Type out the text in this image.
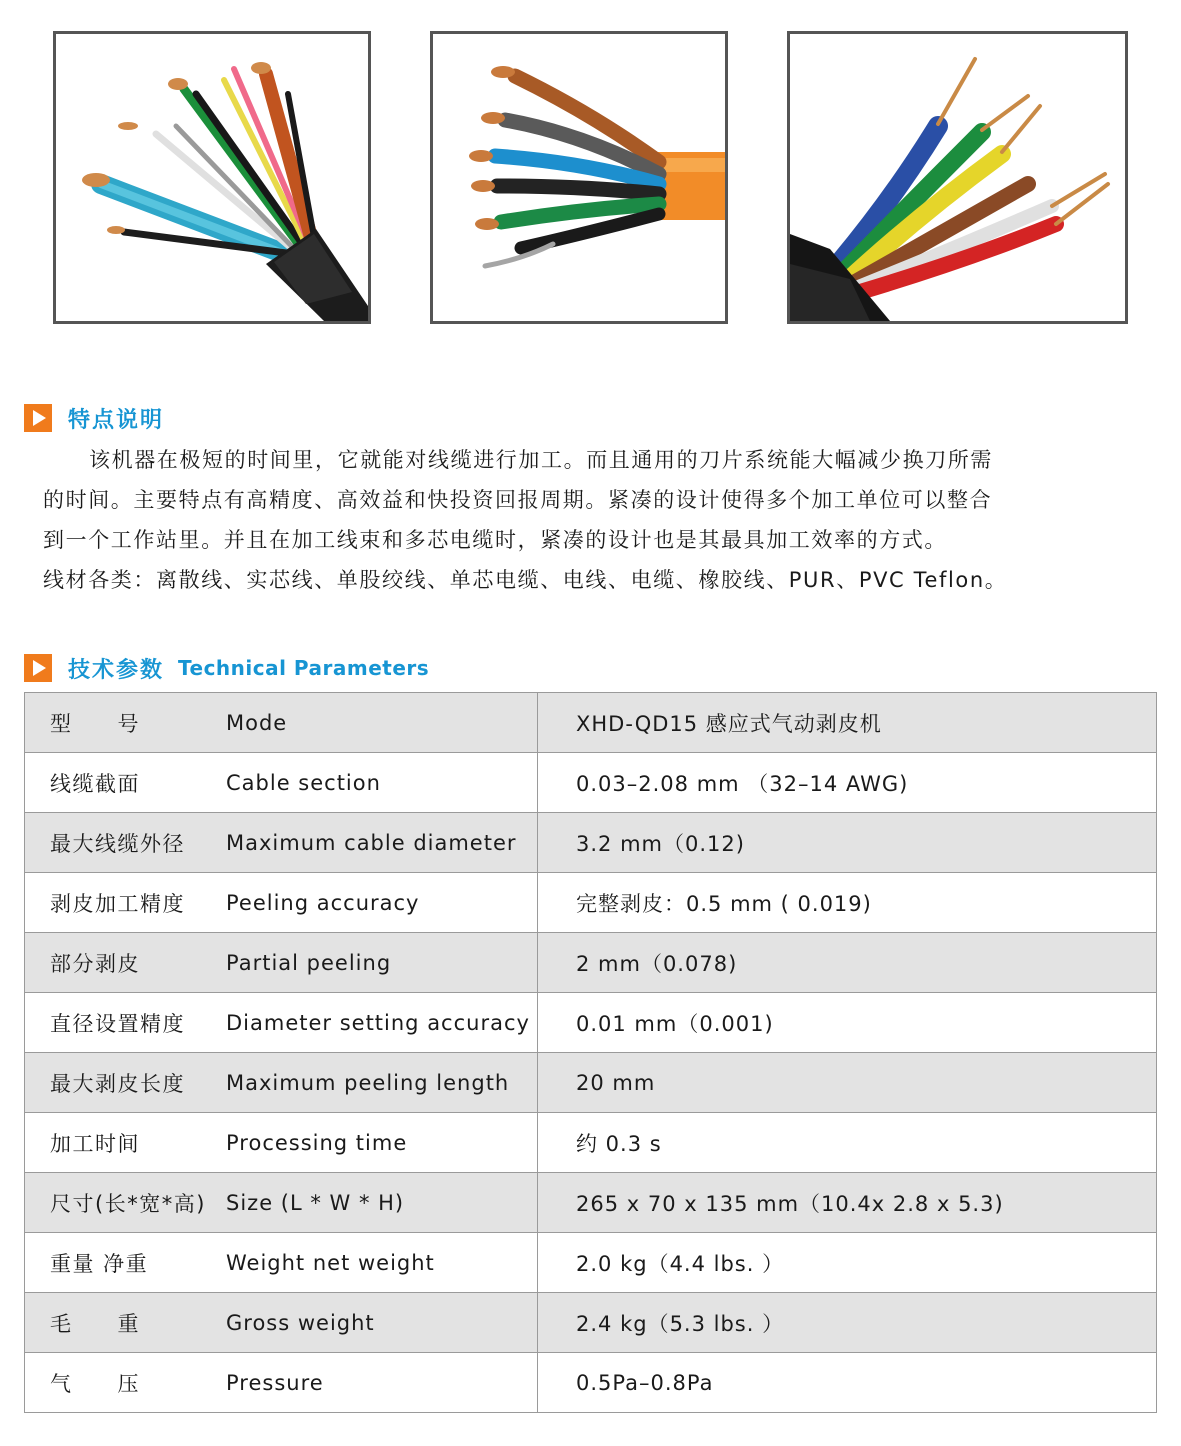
特点说明

该机器在极短的时间里，它就能对线缆进行加工。而且通用的刀片系统能大幅减少换刀所需

的时间。主要特点有高精度、高效益和快投资回报周期。紧凑的设计使得多个加工单位可以整合

到一个工作站里。并且在加工线束和多芯电缆时，紧凑的设计也是其最具加工效率的方式。

线材各类：离散线、实芯线、单股绞线、单芯电缆、电线、电缆、橡胶线、PUR、PVC Teflon。

技术参数 Technical Parameters
型　　号 Mode	XHD-QD15 感应式气动剥皮机
线缆截面 Cable section	0.03–2.08 mm （32–14 AWG)
最大线缆外径 Maximum cable diameter	3.2 mm（0.12)
剥皮加工精度 Peeling accuracy	完整剥皮：0.5 mm ( 0.019)
部分剥皮 Partial peeling	2 mm（0.078)
直径设置精度 Diameter setting accuracy	0.01 mm（0.001)
最大剥皮长度 Maximum peeling length	20 mm
加工时间 Processing time	约 0.3 s
尺寸(长*宽*高) Size (L * W * H)	265 x 70 x 135 mm（10.4x 2.8 x 5.3)
重量 净重 Weight net weight	2.0 kg（4.4 lbs. ）
毛　　重 Gross weight	2.4 kg（5.3 lbs. ）
气　　压 Pressure	0.5Pa–0.8Pa
